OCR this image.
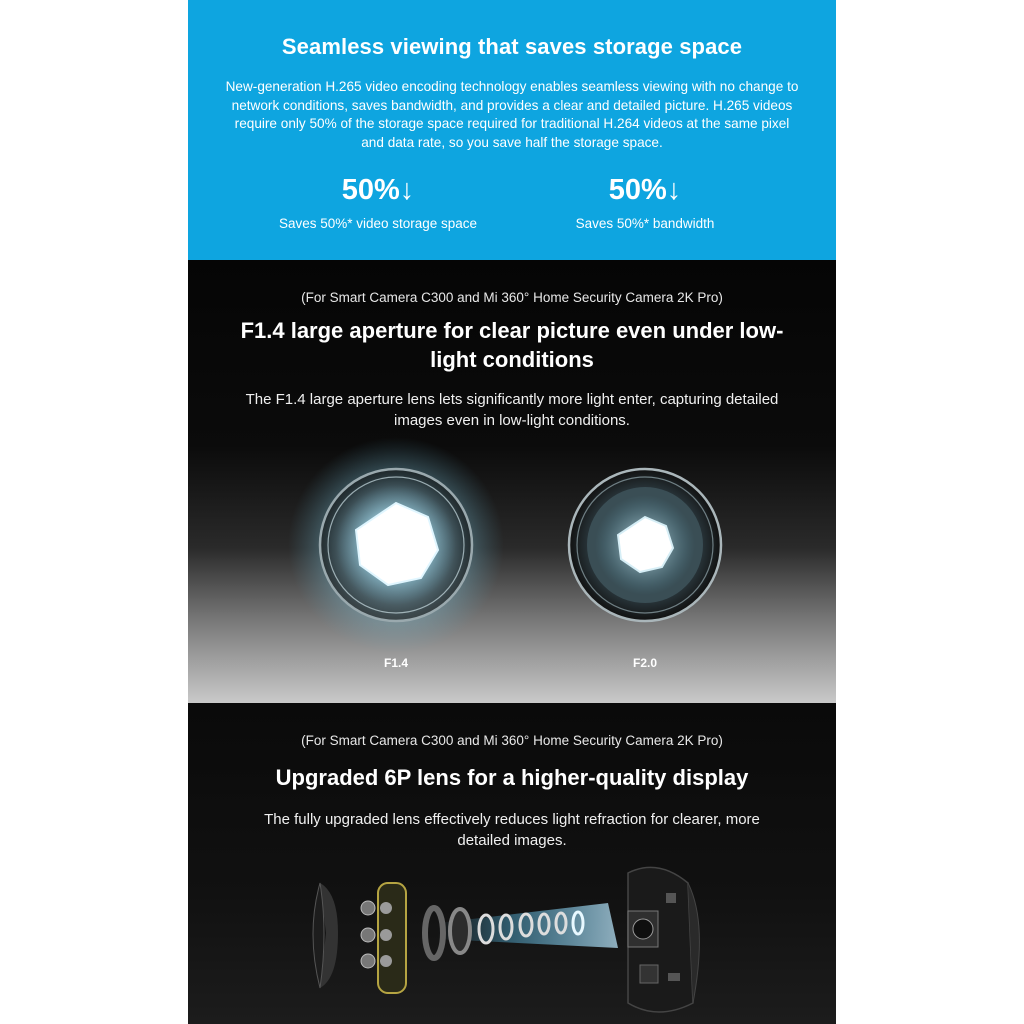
Seamless viewing that saves storage space
New-generation H.265 video encoding technology enables seamless viewing with no change to network conditions, saves bandwidth, and provides a clear and detailed picture. H.265 videos require only 50% of the storage space required for traditional H.264 videos at the same pixel and data rate, so you save half the storage space.
50%↓
Saves 50%* video storage space
50%↓
Saves 50%* bandwidth
(For Smart Camera C300 and Mi 360° Home Security Camera 2K Pro)
F1.4 large aperture for clear picture even under low-light conditions
The F1.4 large aperture lens lets significantly more light enter, capturing detailed images even in low-light conditions.
F1.4	F2.0
(For Smart Camera C300 and Mi 360° Home Security Camera 2K Pro)
Upgraded 6P lens for a higher-quality display
The fully upgraded lens effectively reduces light refraction for clearer, more detailed images.
